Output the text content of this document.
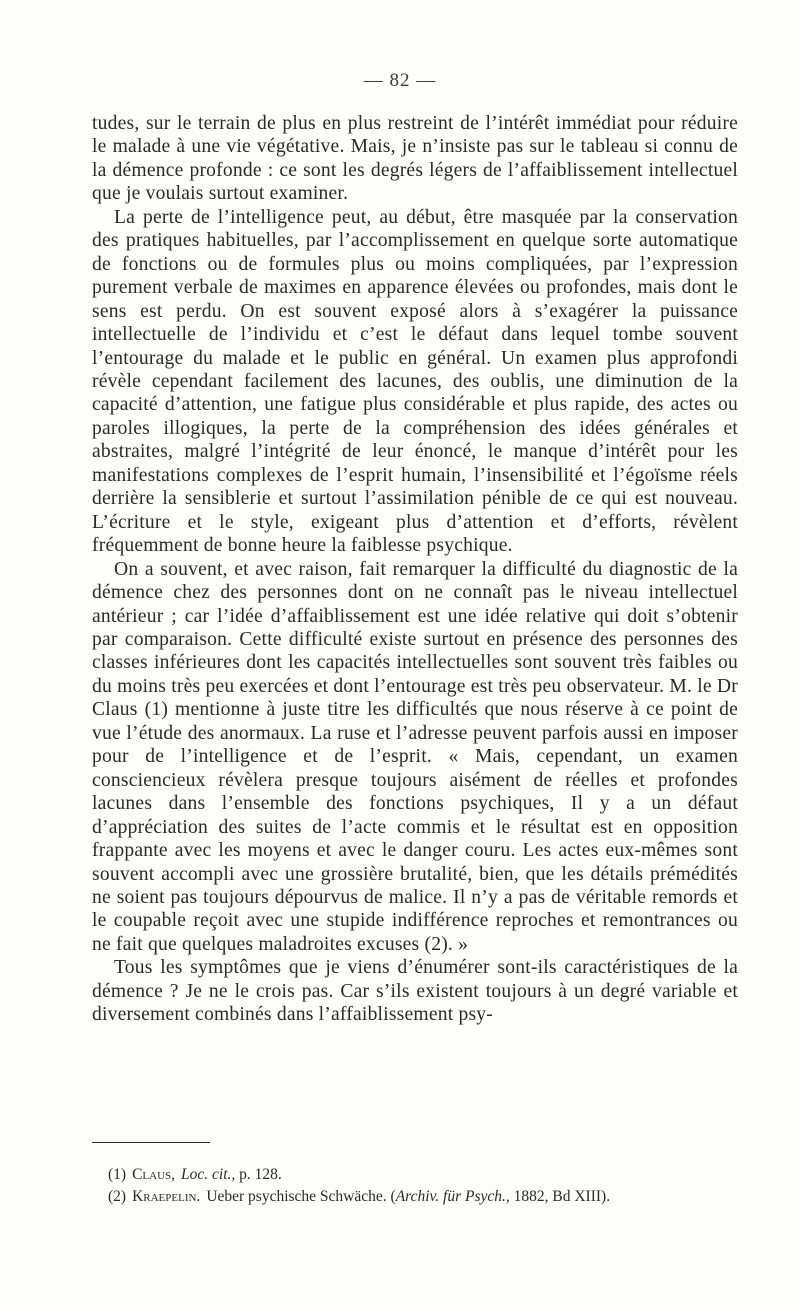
— 82 —

tudes, sur le terrain de plus en plus restreint de l’intérêt immédiat pour réduire le malade à une vie végétative. Mais, je n’insiste pas sur le tableau si connu de la démence profonde : ce sont les degrés légers de l’affaiblissement intellectuel que je voulais surtout examiner.

La perte de l’intelligence peut, au début, être masquée par la conservation des pratiques habituelles, par l’accomplissement en quelque sorte automatique de fonctions ou de formules plus ou moins compliquées, par l’expression purement verbale de maximes en apparence élevées ou profondes, mais dont le sens est perdu. On est souvent exposé alors à s’exagérer la puissance intellectuelle de l’individu et c’est le défaut dans lequel tombe souvent l’entourage du malade et le public en général. Un examen plus approfondi révèle cependant facilement des lacunes, des oublis, une diminution de la capacité d’attention, une fatigue plus considérable et plus rapide, des actes ou paroles illogiques, la perte de la compréhension des idées générales et abstraites, malgré l’intégrité de leur énoncé, le manque d’intérêt pour les manifestations complexes de l’esprit humain, l’insensibilité et l’égoïsme réels derrière la sensiblerie et surtout l’assimilation pénible de ce qui est nouveau. L’écriture et le style, exigeant plus d’attention et d’efforts, révèlent fréquemment de bonne heure la faiblesse psychique.

On a souvent, et avec raison, fait remarquer la difficulté du diagnostic de la démence chez des personnes dont on ne connaît pas le niveau intellectuel antérieur ; car l’idée d’affaiblissement est une idée relative qui doit s’obtenir par comparaison. Cette difficulté existe surtout en présence des personnes des classes inférieures dont les capacités intellectuelles sont souvent très faibles ou du moins très peu exercées et dont l’entourage est très peu observateur. M. le Dr Claus (1) mentionne à juste titre les difficultés que nous réserve à ce point de vue l’étude des anormaux. La ruse et l’adresse peuvent parfois aussi en imposer pour de l’intelligence et de l’esprit. « Mais, cependant, un examen consciencieux révèlera presque toujours aisément de réelles et profondes lacunes dans l’ensemble des fonctions psychiques, Il y a un défaut d’appréciation des suites de l’acte commis et le résultat est en opposition frappante avec les moyens et avec le danger couru. Les actes eux-mêmes sont souvent accompli avec une grossière brutalité, bien, que les détails prémédités ne soient pas toujours dépourvus de malice. Il n’y a pas de véritable remords et le coupable reçoit avec une stupide indifférence reproches et remontrances ou ne fait que quelques maladroites excuses (2). »

Tous les symptômes que je viens d’énumérer sont-ils caractéristiques de la démence ? Je ne le crois pas. Car s’ils existent toujours à un degré variable et diversement combinés dans l’affaiblissement psy-

(1) Claus, Loc. cit., p. 128.

(2) Kraepelin. Ueber psychische Schwäche. (Archiv. für Psych., 1882, Bd XIII).
